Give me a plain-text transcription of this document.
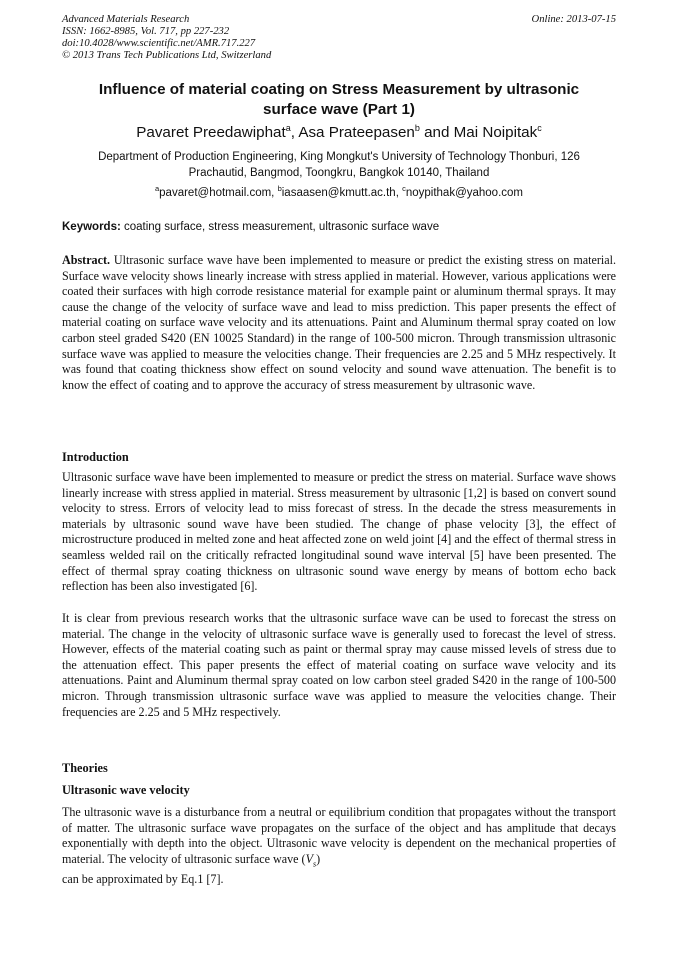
Advanced Materials Research
ISSN: 1662-8985, Vol. 717, pp 227-232
doi:10.4028/www.scientific.net/AMR.717.227
© 2013 Trans Tech Publications Ltd, Switzerland
Online: 2013-07-15
Influence of material coating on Stress Measurement by ultrasonic
surface wave (Part 1)
Pavaret Preedawiphat$^a$, Asa Prateepasen$^b$ and Mai Noipitak$^c$
Department of Production Engineering, King Mongkut's University of Technology Thonburi, 126
Prachautid, Bangmod, Toongkru, Bangkok 10140, Thailand
$^a$pavaret@hotmail.com, $^b$iasaasen@kmutt.ac.th, $^c$noypithak@yahoo.com
Keywords: coating surface, stress measurement, ultrasonic surface wave
Abstract. Ultrasonic surface wave have been implemented to measure or predict the existing stress on material. Surface wave velocity shows linearly increase with stress applied in material. However, various applications were coated their surfaces with high corrode resistance material for example paint or aluminum thermal sprays. It may cause the change of the velocity of surface wave and lead to miss prediction. This paper presents the effect of material coating on surface wave velocity and its attenuations. Paint and Aluminum thermal spray coated on low carbon steel graded S420 (EN 10025 Standard) in the range of 100-500 micron. Through transmission ultrasonic surface wave was applied to measure the velocities change. Their frequencies are 2.25 and 5 MHz respectively. It was found that coating thickness show effect on sound velocity and sound wave attenuation. The benefit is to know the effect of coating and to approve the accuracy of stress measurement by ultrasonic wave.
Introduction
Ultrasonic surface wave have been implemented to measure or predict the stress on material. Surface wave shows linearly increase with stress applied in material. Stress measurement by ultrasonic [1,2] is based on convert sound velocity to stress. Errors of velocity lead to miss forecast of stress. In the decade the stress measurements in materials by ultrasonic sound wave have been studied. The change of phase velocity [3], the effect of microstructure produced in melted zone and heat affected zone on weld joint [4] and the effect of thermal stress in seamless welded rail on the critically refracted longitudinal sound wave interval [5] have been presented. The effect of thermal spray coating thickness on ultrasonic sound wave energy by means of bottom echo back reflection has been also investigated [6].
It is clear from previous research works that the ultrasonic surface wave can be used to forecast the stress on material. The change in the velocity of ultrasonic surface wave is generally used to forecast the level of stress. However, effects of the material coating such as paint or thermal spray may cause missed levels of stress due to the attenuation effect. This paper presents the effect of material coating on surface wave velocity and its attenuations. Paint and Aluminum thermal spray coated on low carbon steel graded S420 in the range of 100-500 micron. Through transmission ultrasonic surface wave was applied to measure the velocities change. Their frequencies are 2.25 and 5 MHz respectively.
Theories
Ultrasonic wave velocity
The ultrasonic wave is a disturbance from a neutral or equilibrium condition that propagates without the transport of matter. The ultrasonic surface wave propagates on the surface of the object and has amplitude that decays exponentially with depth into the object. Ultrasonic wave velocity is dependent on the mechanical properties of material. The velocity of ultrasonic surface wave $(V_s)$
can be approximated by Eq.1 [7].
